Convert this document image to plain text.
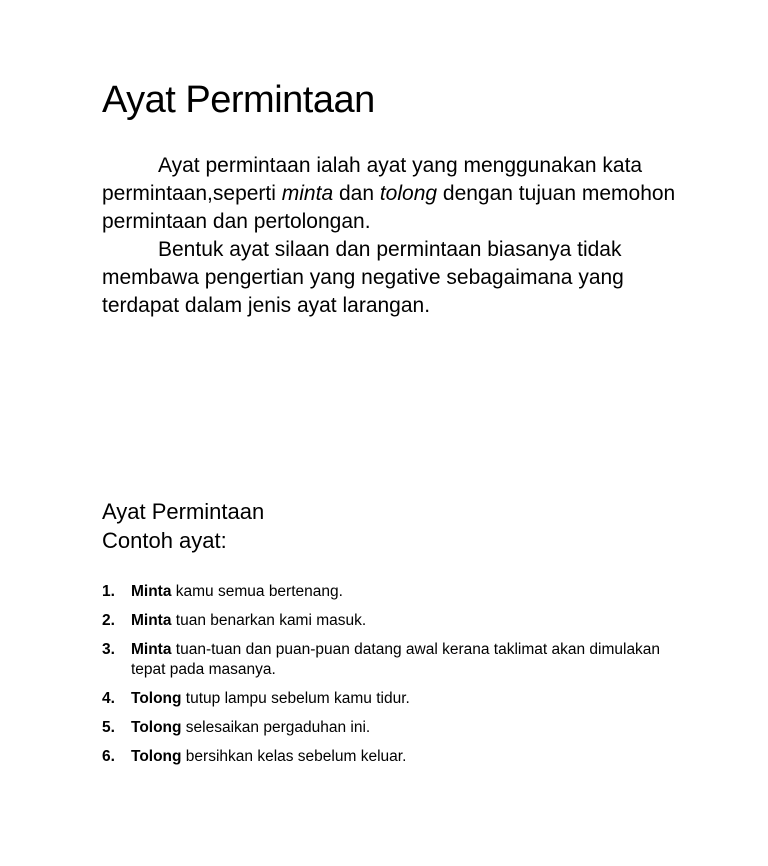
Ayat Permintaan

Ayat permintaan ialah ayat yang menggunakan kata permintaan,seperti minta dan tolong dengan tujuan memohon permintaan dan pertolongan.

Bentuk ayat silaan dan permintaan biasanya tidak membawa pengertian yang negative sebagaimana yang terdapat dalam jenis ayat larangan.

Ayat Permintaan
Contoh ayat:
1. Minta kamu semua bertenang.
2. Minta tuan benarkan kami masuk.
3. Minta tuan-tuan dan puan-puan datang awal kerana taklimat akan dimulakan tepat pada masanya.
4. Tolong tutup lampu sebelum kamu tidur.
5. Tolong selesaikan pergaduhan ini.
6. Tolong bersihkan kelas sebelum keluar.
